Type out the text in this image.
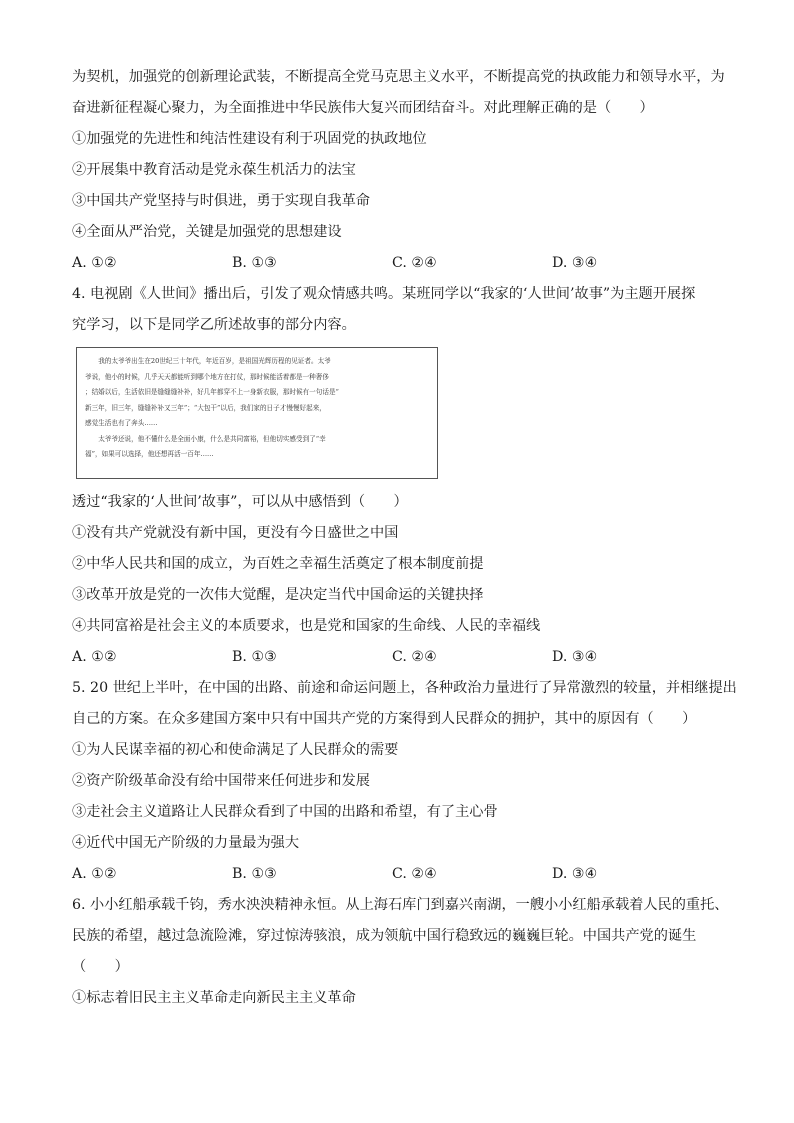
为契机，加强党的创新理论武装，不断提高全党马克思主义水平，不断提高党的执政能力和领导水平，为
奋进新征程凝心聚力，为全面推进中华民族伟大复兴而团结奋斗。对此理解正确的是（　　）
①加强党的先进性和纯洁性建设有利于巩固党的执政地位
②开展集中教育活动是党永葆生机活力的法宝
③中国共产党坚持与时俱进，勇于实现自我革命
④全面从严治党，关键是加强党的思想建设
A. ①②	B. ①③	C. ②④	D. ③④
4. 电视剧《人世间》播出后，引发了观众情感共鸣。某班同学以“我家的‘人世间’故事”为主题开展探
究学习，以下是同学乙所述故事的部分内容。

我的太爷爷出生在20世纪三十年代，年近百岁，是祖国光辉历程的见证者。太爷

爷说，他小的时候，几乎天天都能听到哪个地方在打仗，那时候能活着都是一种奢侈

；结婚以后，生活依旧是缝缝缝补补，好几年都穿不上一身新衣服，那时候有一句话是“

新三年，旧三年，缝缝补补又三年”；“大包干”以后，我们家的日子才慢慢好起来，

感觉生活也有了奔头……

太爷爷还说，他不懂什么是全面小康，什么是共同富裕，但他切实感受到了“幸

福”，如果可以选择，他还想再活一百年……

透过“我家的‘人世间’故事”，可以从中感悟到（　　）
①没有共产党就没有新中国，更没有今日盛世之中国
②中华人民共和国的成立，为百姓之幸福生活奠定了根本制度前提
③改革开放是党的一次伟大觉醒，是决定当代中国命运的关键抉择
④共同富裕是社会主义的本质要求，也是党和国家的生命线、人民的幸福线
A. ①②	B. ①③	C. ②④	D. ③④
5. 20 世纪上半叶，在中国的出路、前途和命运问题上，各种政治力量进行了异常激烈的较量，并相继提出
自己的方案。在众多建国方案中只有中国共产党的方案得到人民群众的拥护，其中的原因有（　　）
①为人民谋幸福的初心和使命满足了人民群众的需要
②资产阶级革命没有给中国带来任何进步和发展
③走社会主义道路让人民群众看到了中国的出路和希望，有了主心骨
④近代中国无产阶级的力量最为强大
A. ①②	B. ①③	C. ②④	D. ③④
6. 小小红船承载千钧，秀水泱泱精神永恒。从上海石库门到嘉兴南湖，一艘小小红船承载着人民的重托、
民族的希望，越过急流险滩，穿过惊涛骇浪，成为领航中国行稳致远的巍巍巨轮。中国共产党的诞生
（　　）
①标志着旧民主主义革命走向新民主主义革命
